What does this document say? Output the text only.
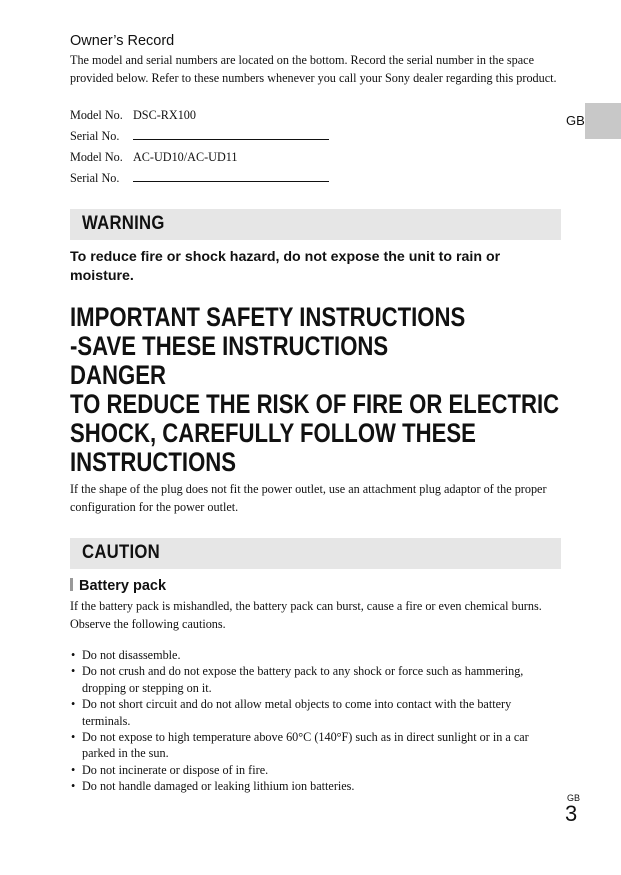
Owner’s Record

The model and serial numbers are located on the bottom. Record the serial number in the space provided below. Refer to these numbers whenever you call your Sony dealer regarding this product.

Model No. DSC-RX100
Serial No.
Model No. AC-UD10/AC-UD11
Serial No.
GB
WARNING

To reduce fire or shock hazard, do not expose the unit to rain or moisture.

IMPORTANT SAFETY INSTRUCTIONS
-SAVE THESE INSTRUCTIONS
DANGER
TO REDUCE THE RISK OF FIRE OR ELECTRIC
SHOCK, CAREFULLY FOLLOW THESE
INSTRUCTIONS

If the shape of the plug does not fit the power outlet, use an attachment plug adaptor of the proper configuration for the power outlet.

CAUTION
Battery pack

If the battery pack is mishandled, the battery pack can burst, cause a fire or even chemical burns. Observe the following cautions.

• Do not disassemble.
• Do not crush and do not expose the battery pack to any shock or force such as hammering, dropping or stepping on it.
• Do not short circuit and do not allow metal objects to come into contact with the battery terminals.
• Do not expose to high temperature above 60°C (140°F) such as in direct sunlight or in a car parked in the sun.
• Do not incinerate or dispose of in fire.
• Do not handle damaged or leaking lithium ion batteries.
GB
3
